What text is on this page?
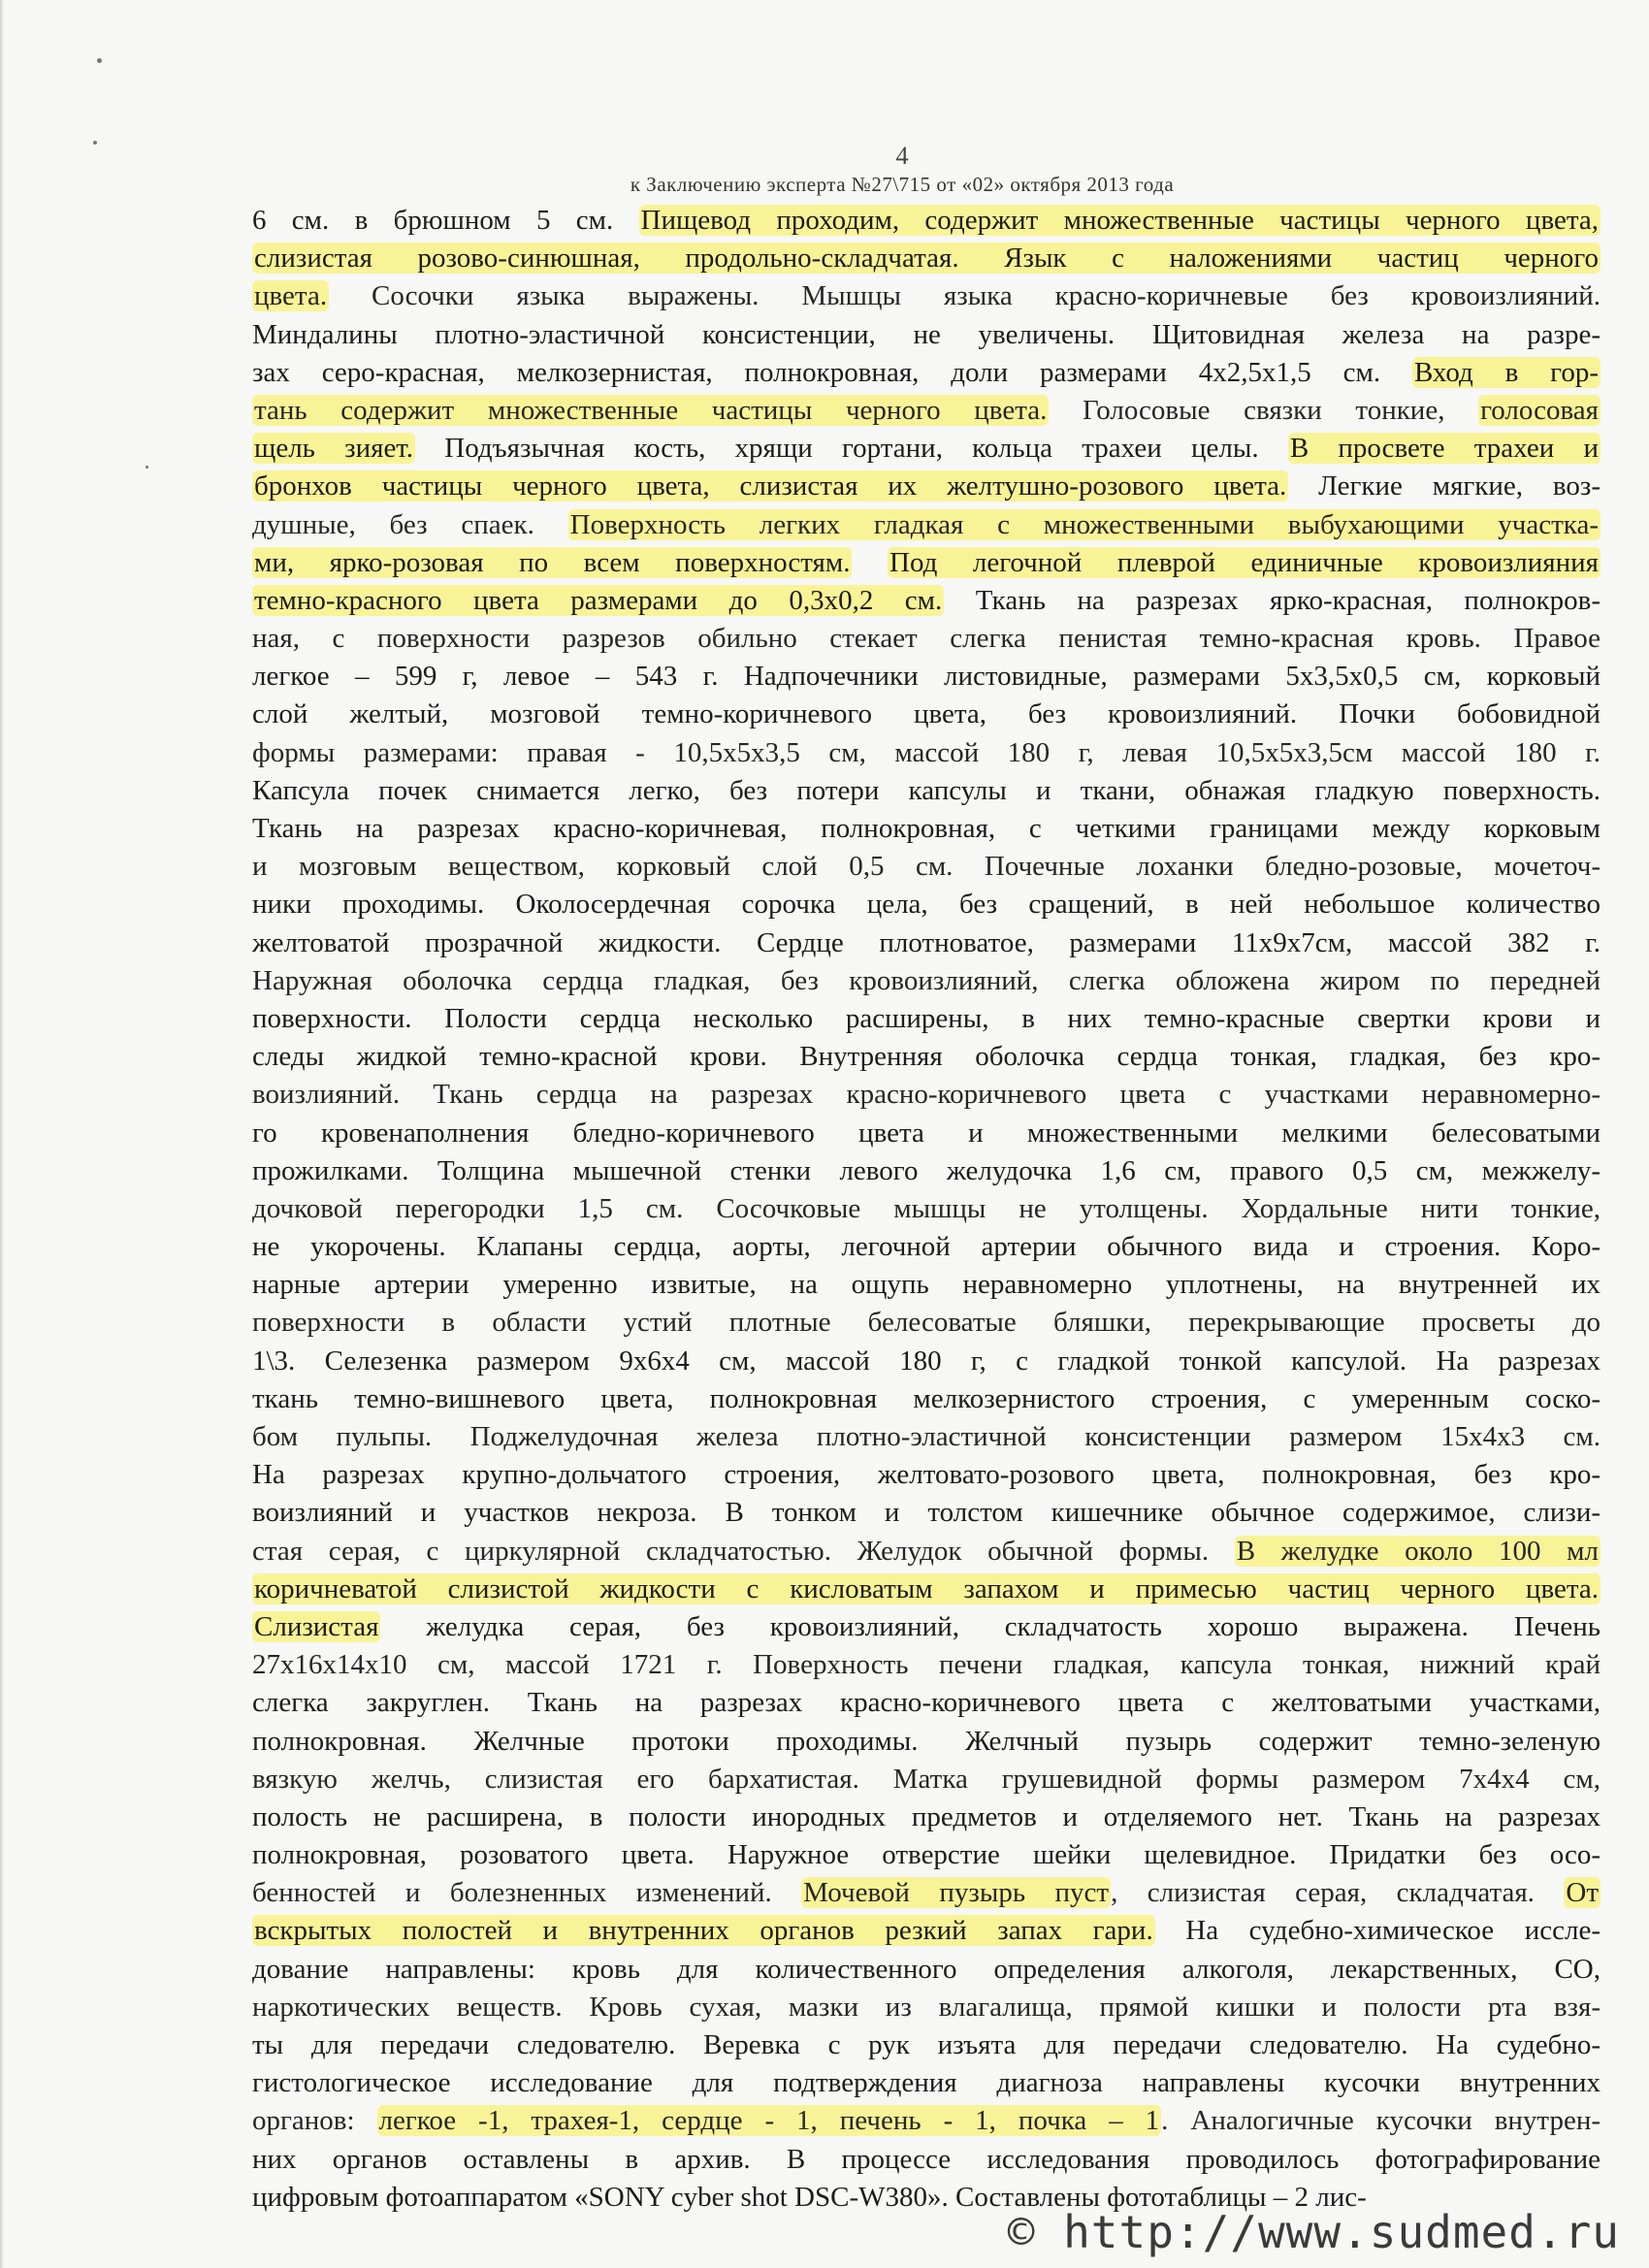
4
к Заключению эксперта №27\715 от «02» октября 2013 года
6 см. в брюшном 5 см. Пищевод проходим, содержит множественные частицы черного цвета,
слизистая розово-синюшная, продольно-складчатая. Язык с наложениями частиц черного
цвета. Сосочки языка выражены. Мышцы языка красно-коричневые без кровоизлияний.
Миндалины плотно-эластичной консистенции, не увеличены. Щитовидная железа на разре-
зах серо-красная, мелкозернистая, полнокровная, доли размерами 4х2,5х1,5 см. Вход в гор-
тань содержит множественные частицы черного цвета. Голосовые связки тонкие, голосовая
щель зияет. Подъязычная кость, хрящи гортани, кольца трахеи целы. В просвете трахеи и
бронхов частицы черного цвета, слизистая их желтушно-розового цвета. Легкие мягкие, воз-
душные, без спаек. Поверхность легких гладкая с множественными выбухающими участка-
ми, ярко-розовая по всем поверхностям. Под легочной плеврой единичные кровоизлияния
темно-красного цвета размерами до 0,3х0,2 см. Ткань на разрезах ярко-красная, полнокров-
ная, с поверхности разрезов обильно стекает слегка пенистая темно-красная кровь. Правое
легкое – 599 г, левое – 543 г. Надпочечники листовидные, размерами 5х3,5х0,5 см, корковый
слой желтый, мозговой темно-коричневого цвета, без кровоизлияний. Почки бобовидной
формы размерами: правая - 10,5х5х3,5 см, массой 180 г, левая 10,5х5х3,5см массой 180 г.
Капсула почек снимается легко, без потери капсулы и ткани, обнажая гладкую поверхность.
Ткань на разрезах красно-коричневая, полнокровная, с четкими границами между корковым
и мозговым веществом, корковый слой 0,5 см. Почечные лоханки бледно-розовые, мочеточ-
ники проходимы. Околосердечная сорочка цела, без сращений, в ней небольшое количество
желтоватой прозрачной жидкости. Сердце плотноватое, размерами 11х9х7см, массой 382 г.
Наружная оболочка сердца гладкая, без кровоизлияний, слегка обложена жиром по передней
поверхности. Полости сердца несколько расширены, в них темно-красные свертки крови и
следы жидкой темно-красной крови. Внутренняя оболочка сердца тонкая, гладкая, без кро-
воизлияний. Ткань сердца на разрезах красно-коричневого цвета с участками неравномерно-
го кровенаполнения бледно-коричневого цвета и множественными мелкими белесоватыми
прожилками. Толщина мышечной стенки левого желудочка 1,6 см, правого 0,5 см, межжелу-
дочковой перегородки 1,5 см. Сосочковые мышцы не утолщены. Хордальные нити тонкие,
не укорочены. Клапаны сердца, аорты, легочной артерии обычного вида и строения. Коро-
нарные артерии умеренно извитые, на ощупь неравномерно уплотнены, на внутренней их
поверхности в области устий плотные белесоватые бляшки, перекрывающие просветы до
1\3. Селезенка размером 9х6х4 см, массой 180 г, с гладкой тонкой капсулой. На разрезах
ткань темно-вишневого цвета, полнокровная мелкозернистого строения, с умеренным соско-
бом пульпы. Поджелудочная железа плотно-эластичной консистенции размером 15х4х3 см.
На разрезах крупно-дольчатого строения, желтовато-розового цвета, полнокровная, без кро-
воизлияний и участков некроза. В тонком и толстом кишечнике обычное содержимое, слизи-
стая серая, с циркулярной складчатостью. Желудок обычной формы. В желудке около 100 мл
коричневатой слизистой жидкости с кисловатым запахом и примесью частиц черного цвета.
Слизистая желудка серая, без кровоизлияний, складчатость хорошо выражена. Печень
27х16х14х10 см, массой 1721 г. Поверхность печени гладкая, капсула тонкая, нижний край
слегка закруглен. Ткань на разрезах красно-коричневого цвета с желтоватыми участками,
полнокровная. Желчные протоки проходимы. Желчный пузырь содержит темно-зеленую
вязкую желчь, слизистая его бархатистая. Матка грушевидной формы размером 7х4х4 см,
полость не расширена, в полости инородных предметов и отделяемого нет. Ткань на разрезах
полнокровная, розоватого цвета. Наружное отверстие шейки щелевидное. Придатки без осо-
бенностей и болезненных изменений. Мочевой пузырь пуст, слизистая серая, складчатая. От
вскрытых полостей и внутренних органов резкий запах гари. На судебно-химическое иссле-
дование направлены: кровь для количественного определения алкоголя, лекарственных, СО,
наркотических веществ. Кровь сухая, мазки из влагалища, прямой кишки и полости рта взя-
ты для передачи следователю. Веревка с рук изъята для передачи следователю. На судебно-
гистологическое исследование для подтверждения диагноза направлены кусочки внутренних
органов: легкое -1, трахея-1, сердце - 1, печень - 1, почка – 1. Аналогичные кусочки внутрен-
них органов оставлены в архив. В процессе исследования проводилось фотографирование
цифровым фотоаппаратом «SONY cyber shot DSC-W380». Составлены фототаблицы – 2 лис-
© http://www.sudmed.ru
